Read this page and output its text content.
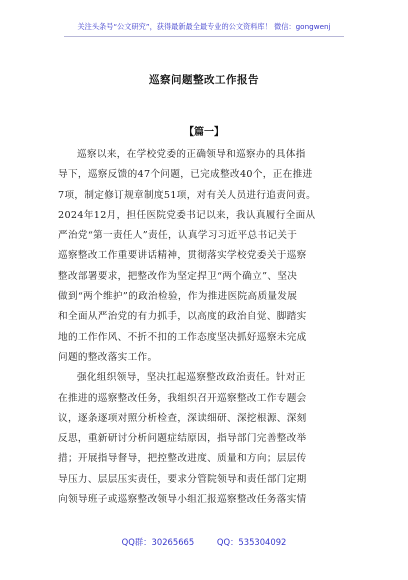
关注头条号“公文研究”，获得最新最全最专业的公文资料库！ 微信：gongwenj
巡察问题整改工作报告
【篇一】
巡察以来，在学校党委的正确领导和巡察办的具体指
导下，巡察反馈的47个问题，已完成整改40个，正在推进
7项，制定修订规章制度51项，对有关人员进行追责问责。
2024年12月，担任医院党委书记以来，我认真履行全面从
严治党“第一责任人”责任，认真学习习近平总书记关于
巡察整改工作重要讲话精神，贯彻落实学校党委关于巡察
整改部署要求，把整改作为坚定捍卫“两个确立”、坚决
做到“两个维护”的政治检验，作为推进医院高质量发展
和全面从严治党的有力抓手，以高度的政治自觉、脚踏实
地的工作作风、不折不扣的工作态度坚决抓好巡察未完成
问题的整改落实工作。
强化组织领导，坚决扛起巡察整改政治责任。针对正
在推进的巡察整改任务，我组织召开巡察整改工作专题会
议，逐条逐项对照分析检查，深读细研、深挖根源、深刻
反思，重新研讨分析问题症结原因，指导部门完善整改举
措；开展指导督导，把控整改进度、质量和方向；层层传
导压力、层层压实责任，要求分管院领导和责任部门定期
向领导班子或巡察整改领导小组汇报巡察整改任务落实情
QQ群：30265665	QQ：535304092
